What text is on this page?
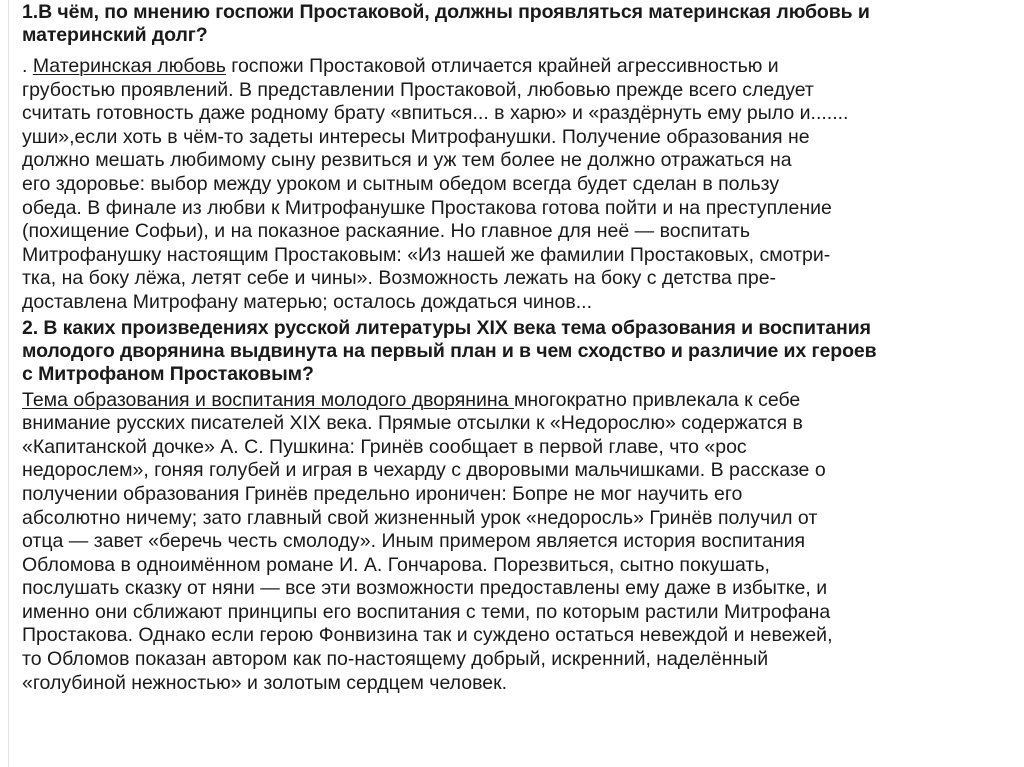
1.В чём, по мнению госпожи Простаковой, должны проявляться материнская любовь и
материнский долг?
. Материнская любовь госпожи Простаковой отличается крайней агрессивностью и
грубостью проявлений. В представлении Простаковой, любовью прежде всего следует
считать готовность даже родному брату «впиться... в харю» и «раздёрнуть ему рыло и.......
уши»,если хоть в чём-то задеты интересы Митрофанушки. Получение образования не
должно мешать любимому сыну резвиться и уж тем более не должно отражаться на
его здоровье: выбор между уроком и сытным обедом всегда будет сделан в пользу
обеда. В финале из любви к Митрофанушке Простакова готова пойти и на преступление
(похищение Софьи), и на показное раскаяние. Но главное для неё — воспитать
Митрофанушку настоящим Простаковым: «Из нашей же фамилии Простаковых, смотри-
тка, на боку лёжа, летят себе и чины». Возможность лежать на боку с детства пре-
доставлена Митрофану матерью; осталось дождаться чинов...
2. В каких произведениях русской литературы XIX века тема образования и воспитания
молодого дворянина выдвинута на первый план и в чем сходство и различие их героев
с Митрофаном Простаковым?
Тема образования и воспитания молодого дворянина многократно привлекала к себе
внимание русских писателей XIX века. Прямые отсылки к «Недорослю» содержатся в
«Капитанской дочке» А. С. Пушкина: Гринёв сообщает в первой главе, что «рос
недорослем», гоняя голубей и играя в чехарду с дворовыми мальчишками. В рассказе о
получении образования Гринёв предельно ироничен: Бопре не мог научить его
абсолютно ничему; зато главный свой жизненный урок «недоросль» Гринёв получил от
отца — завет «беречь честь смолоду». Иным примером является история воспитания
Обломова в одноимённом романе И. А. Гончарова. Порезвиться, сытно покушать,
послушать сказку от няни — все эти возможности предоставлены ему даже в избытке, и
именно они сближают принципы его воспитания с теми, по которым растили Митрофана
Простакова. Однако если герою Фонвизина так и суждено остаться невеждой и невежей,
то Обломов показан автором как по-настоящему добрый, искренний, наделённый
«голубиной нежностью» и золотым сердцем человек.
